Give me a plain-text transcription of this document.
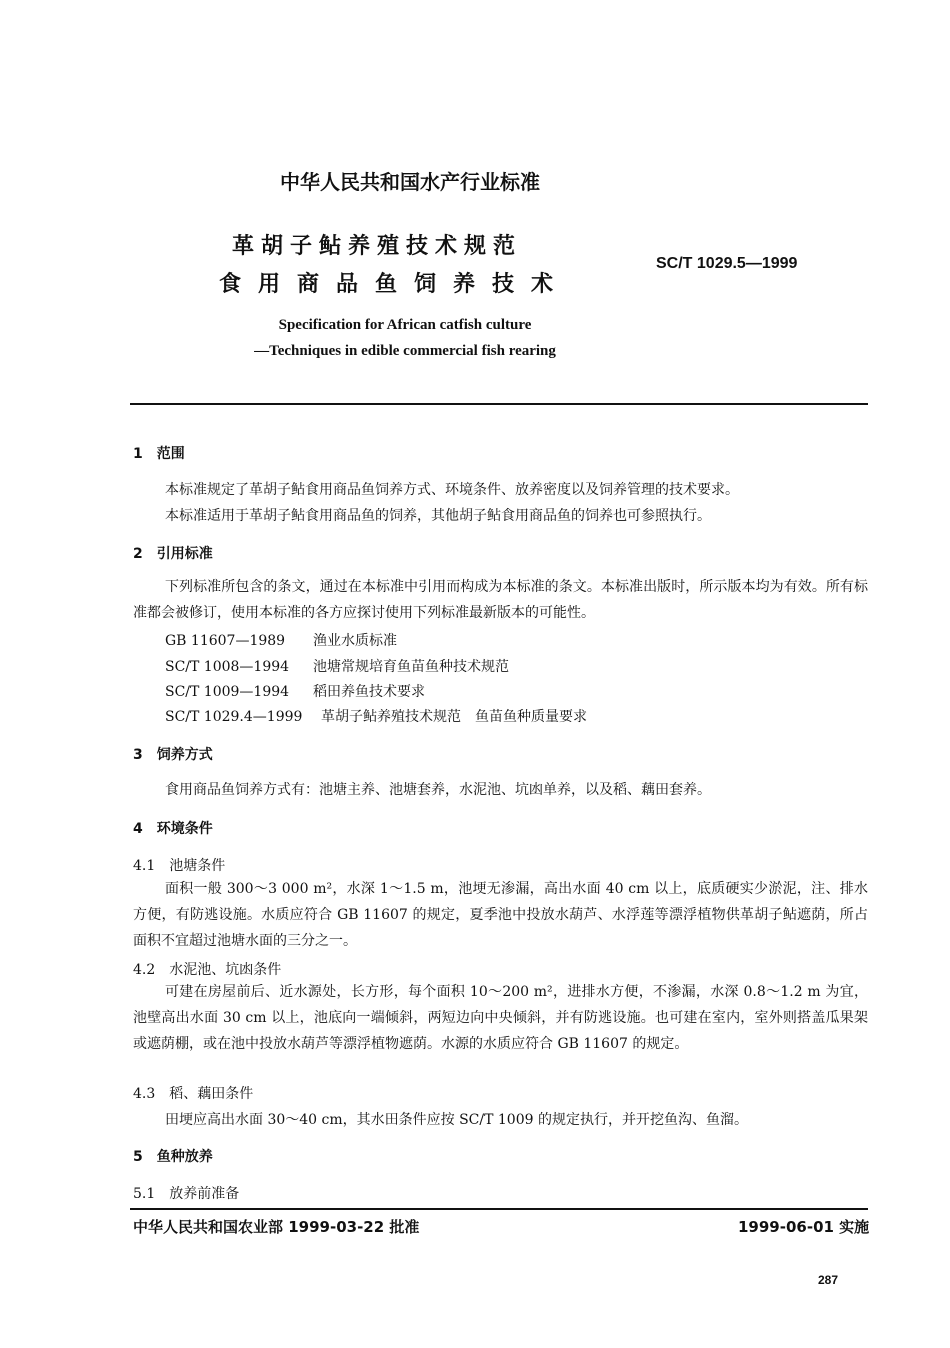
中华人民共和国水产行业标准
革胡子鲇养殖技术规范
食用商品鱼饲养技术
SC/T 1029.5—1999
Specification for African catfish culture
—Techniques in edible commercial fish rearing
1　范围
本标准规定了革胡子鲇食用商品鱼饲养方式、环境条件、放养密度以及饲养管理的技术要求。
本标准适用于革胡子鲇食用商品鱼的饲养，其他胡子鲇食用商品鱼的饲养也可参照执行。
2　引用标准
下列标准所包含的条文，通过在本标准中引用而构成为本标准的条文。本标准出版时，所示版本均为有效。所有标准都会被修订，使用本标准的各方应探讨使用下列标准最新版本的可能性。
GB 11607—1989 渔业水质标准
SC/T 1008—1994 池塘常规培育鱼苗鱼种技术规范
SC/T 1009—1994 稻田养鱼技术要求
SC/T 1029.4—1999 革胡子鲇养殖技术规范　鱼苗鱼种质量要求
3　饲养方式
食用商品鱼饲养方式有：池塘主养、池塘套养，水泥池、坑凼单养，以及稻、藕田套养。
4　环境条件
4.1　池塘条件
面积一般 300～3 000 m²，水深 1～1.5 m，池埂无渗漏，高出水面 40 cm 以上，底质硬实少淤泥，注、排水方便，有防逃设施。水质应符合 GB 11607 的规定，夏季池中投放水葫芦、水浮莲等漂浮植物供革胡子鲇遮荫，所占面积不宜超过池塘水面的三分之一。
4.2　水泥池、坑凼条件
可建在房屋前后、近水源处，长方形，每个面积 10～200 m²，进排水方便，不渗漏，水深 0.8～1.2 m 为宜，池壁高出水面 30 cm 以上，池底向一端倾斜，两短边向中央倾斜，并有防逃设施。也可建在室内，室外则搭盖瓜果架或遮荫棚，或在池中投放水葫芦等漂浮植物遮荫。水源的水质应符合 GB 11607 的规定。
4.3　稻、藕田条件
田埂应高出水面 30～40 cm，其水田条件应按 SC/T 1009 的规定执行，并开挖鱼沟、鱼溜。
5　鱼种放养
5.1　放养前准备
中华人民共和国农业部 1999-03-22 批准	1999-06-01 实施
287
